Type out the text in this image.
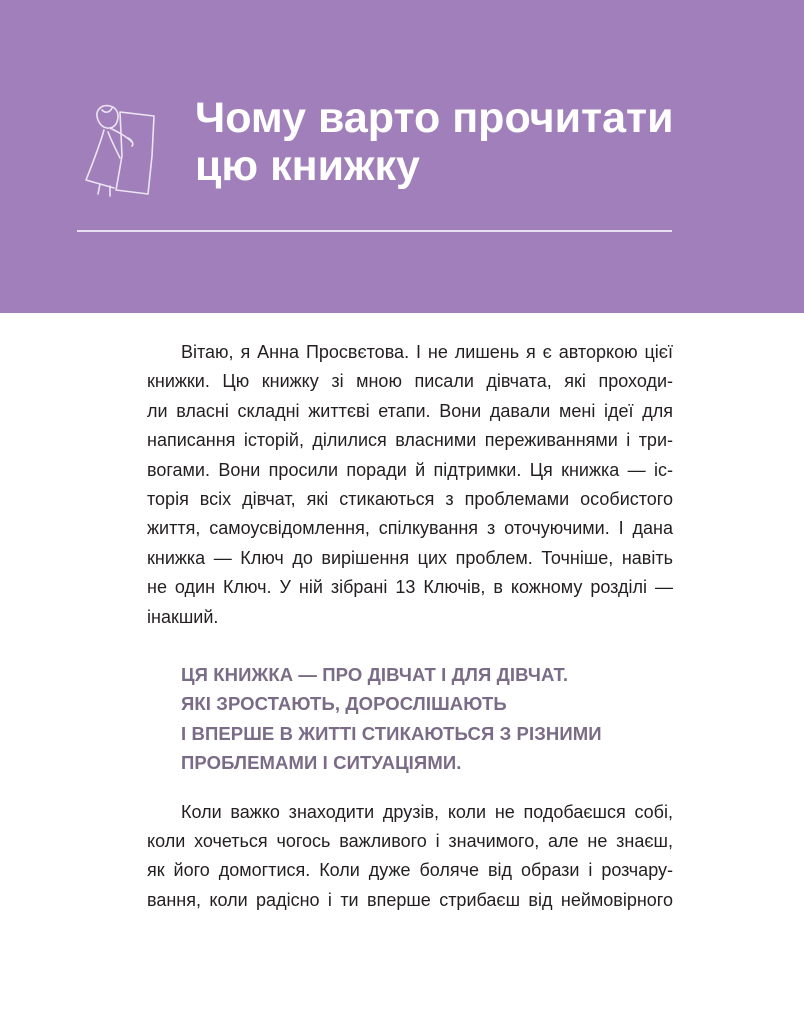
Чому варто прочитати
цю книжку
Вітаю, я Анна Просвєтова. І не лишень я є авторкою цієї
книжки. Цю книжку зі мною писали дівчата, які проходи-
ли власні складні життєві етапи. Вони давали мені ідеї для
написання історій, ділилися власними переживаннями і три-
вогами. Вони просили поради й підтримки. Ця книжка — іс-
торія всіх дівчат, які стикаються з проблемами особистого
життя, самоусвідомлення, спілкування з оточуючими. І дана
книжка — Ключ до вирішення цих проблем. Точніше, навіть
не один Ключ. У ній зібрані 13 Ключів, в кожному розділі —
інакший.
ЦЯ КНИЖКА — ПРО ДІВЧАТ І ДЛЯ ДІВЧАТ.
ЯКІ ЗРОСТАЮТЬ, ДОРОСЛІШАЮТЬ
І ВПЕРШЕ В ЖИТТІ СТИКАЮТЬСЯ З РІЗНИМИ
ПРОБЛЕМАМИ І СИТУАЦІЯМИ.
Коли важко знаходити друзів, коли не подобаєшся собі,
коли хочеться чогось важливого і значимого, але не знаєш,
як його домогтися. Коли дуже боляче від образи і розчару-
вання, коли радісно і ти вперше стрибаєш від неймовірного
